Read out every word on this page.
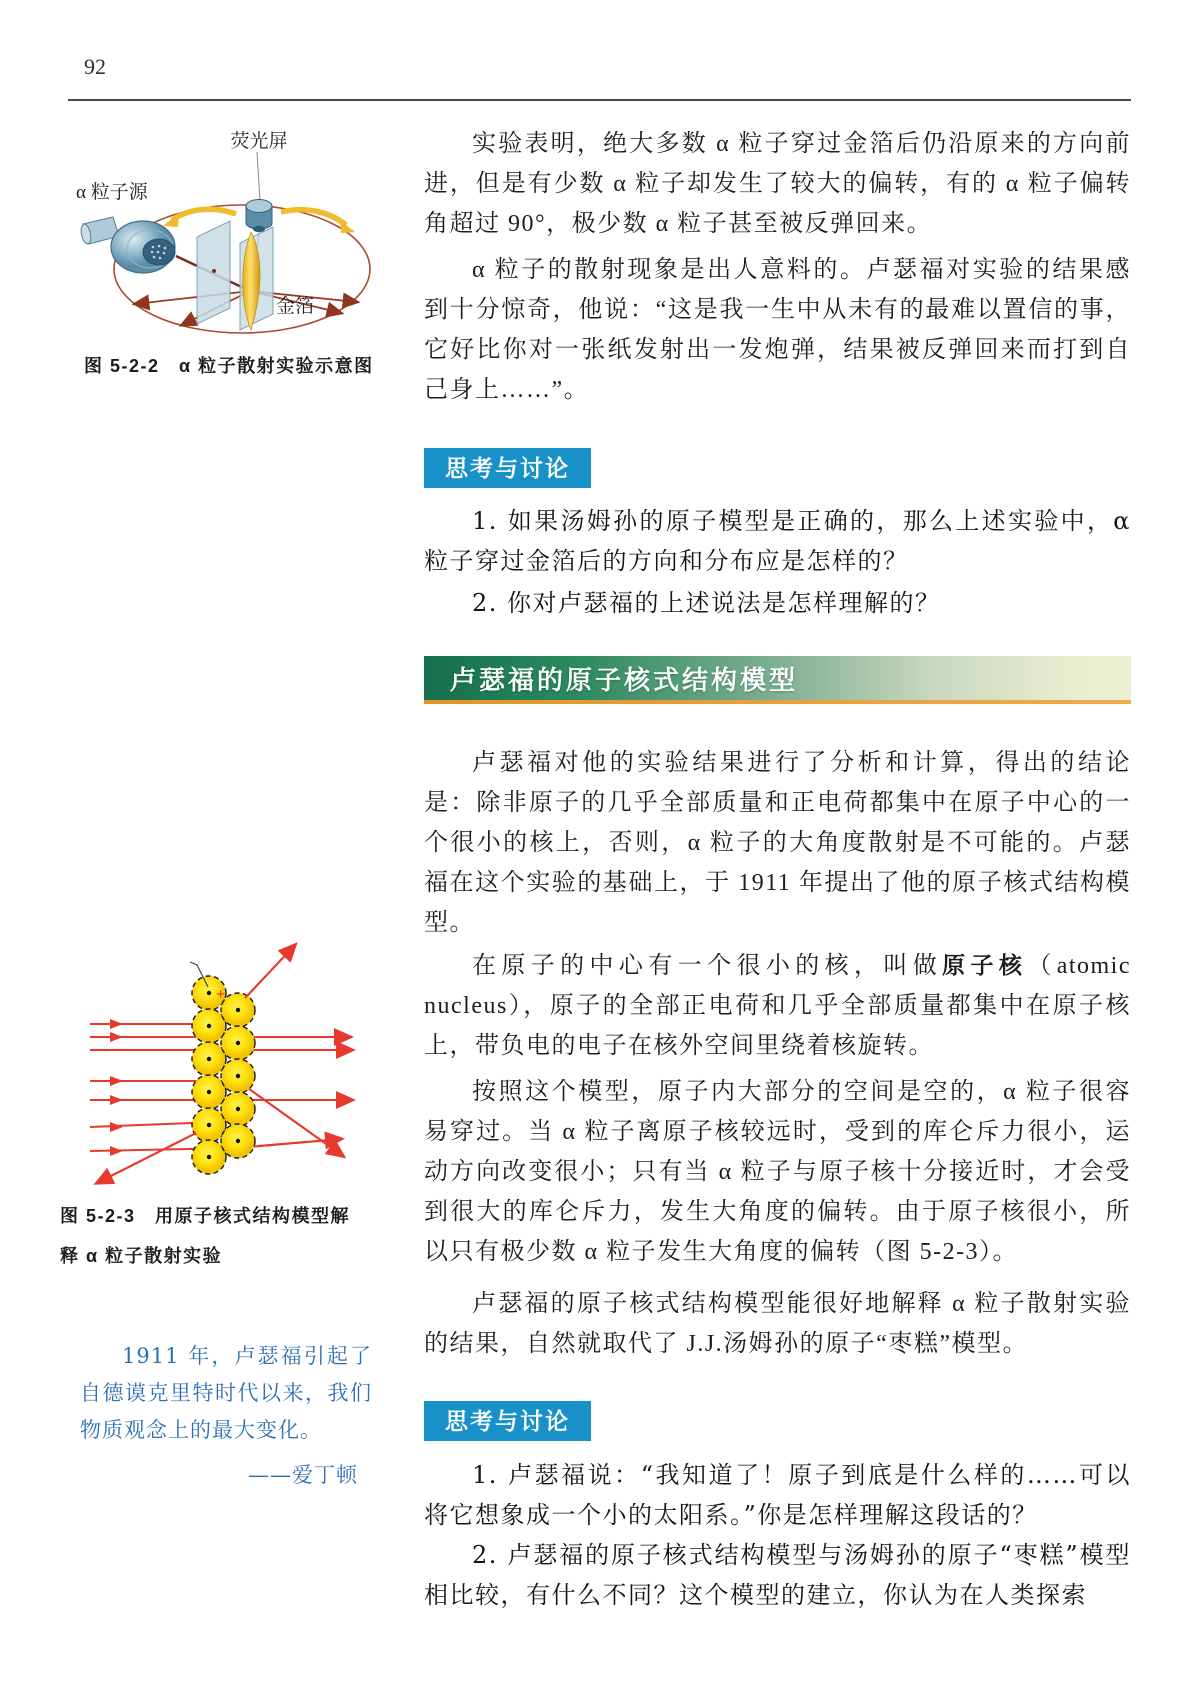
92
荧光屏
α 粒子源
金箔
图 5-2-2　α 粒子散射实验示意图
+
图 5-2-3　用原子核式结构模型解释 α 粒子散射实验

1911 年，卢瑟福引起了自德谟克里特时代以来，我们物质观念上的最大变化。

——爱丁顿

实验表明，绝大多数 α 粒子穿过金箔后仍沿原来的方向前进，但是有少数 α 粒子却发生了较大的偏转，有的 α 粒子偏转角超过 90°，极少数 α 粒子甚至被反弹回来。

α 粒子的散射现象是出人意料的。卢瑟福对实验的结果感到十分惊奇，他说：“这是我一生中从未有的最难以置信的事，它好比你对一张纸发射出一发炮弹，结果被反弹回来而打到自己身上……”。

思考与讨论

1. 如果汤姆孙的原子模型是正确的，那么上述实验中，α 粒子穿过金箔后的方向和分布应是怎样的？

2. 你对卢瑟福的上述说法是怎样理解的？

卢瑟福的原子核式结构模型

卢瑟福对他的实验结果进行了分析和计算，得出的结论是：除非原子的几乎全部质量和正电荷都集中在原子中心的一个很小的核上，否则，α 粒子的大角度散射是不可能的。卢瑟福在这个实验的基础上，于 1911 年提出了他的原子核式结构模型。

在原子的中心有一个很小的核，叫做原子核（atomic nucleus），原子的全部正电荷和几乎全部质量都集中在原子核上，带负电的电子在核外空间里绕着核旋转。

按照这个模型，原子内大部分的空间是空的，α 粒子很容易穿过。当 α 粒子离原子核较远时，受到的库仑斥力很小，运动方向改变很小；只有当 α 粒子与原子核十分接近时，才会受到很大的库仑斥力，发生大角度的偏转。由于原子核很小，所以只有极少数 α 粒子发生大角度的偏转（图 5-2-3）。

卢瑟福的原子核式结构模型能很好地解释 α 粒子散射实验的结果，自然就取代了 J.J.汤姆孙的原子“枣糕”模型。

思考与讨论

1. 卢瑟福说：“我知道了！原子到底是什么样的……可以将它想象成一个小的太阳系。”你是怎样理解这段话的？

2. 卢瑟福的原子核式结构模型与汤姆孙的原子“枣糕”模型相比较，有什么不同？这个模型的建立，你认为在人类探索
